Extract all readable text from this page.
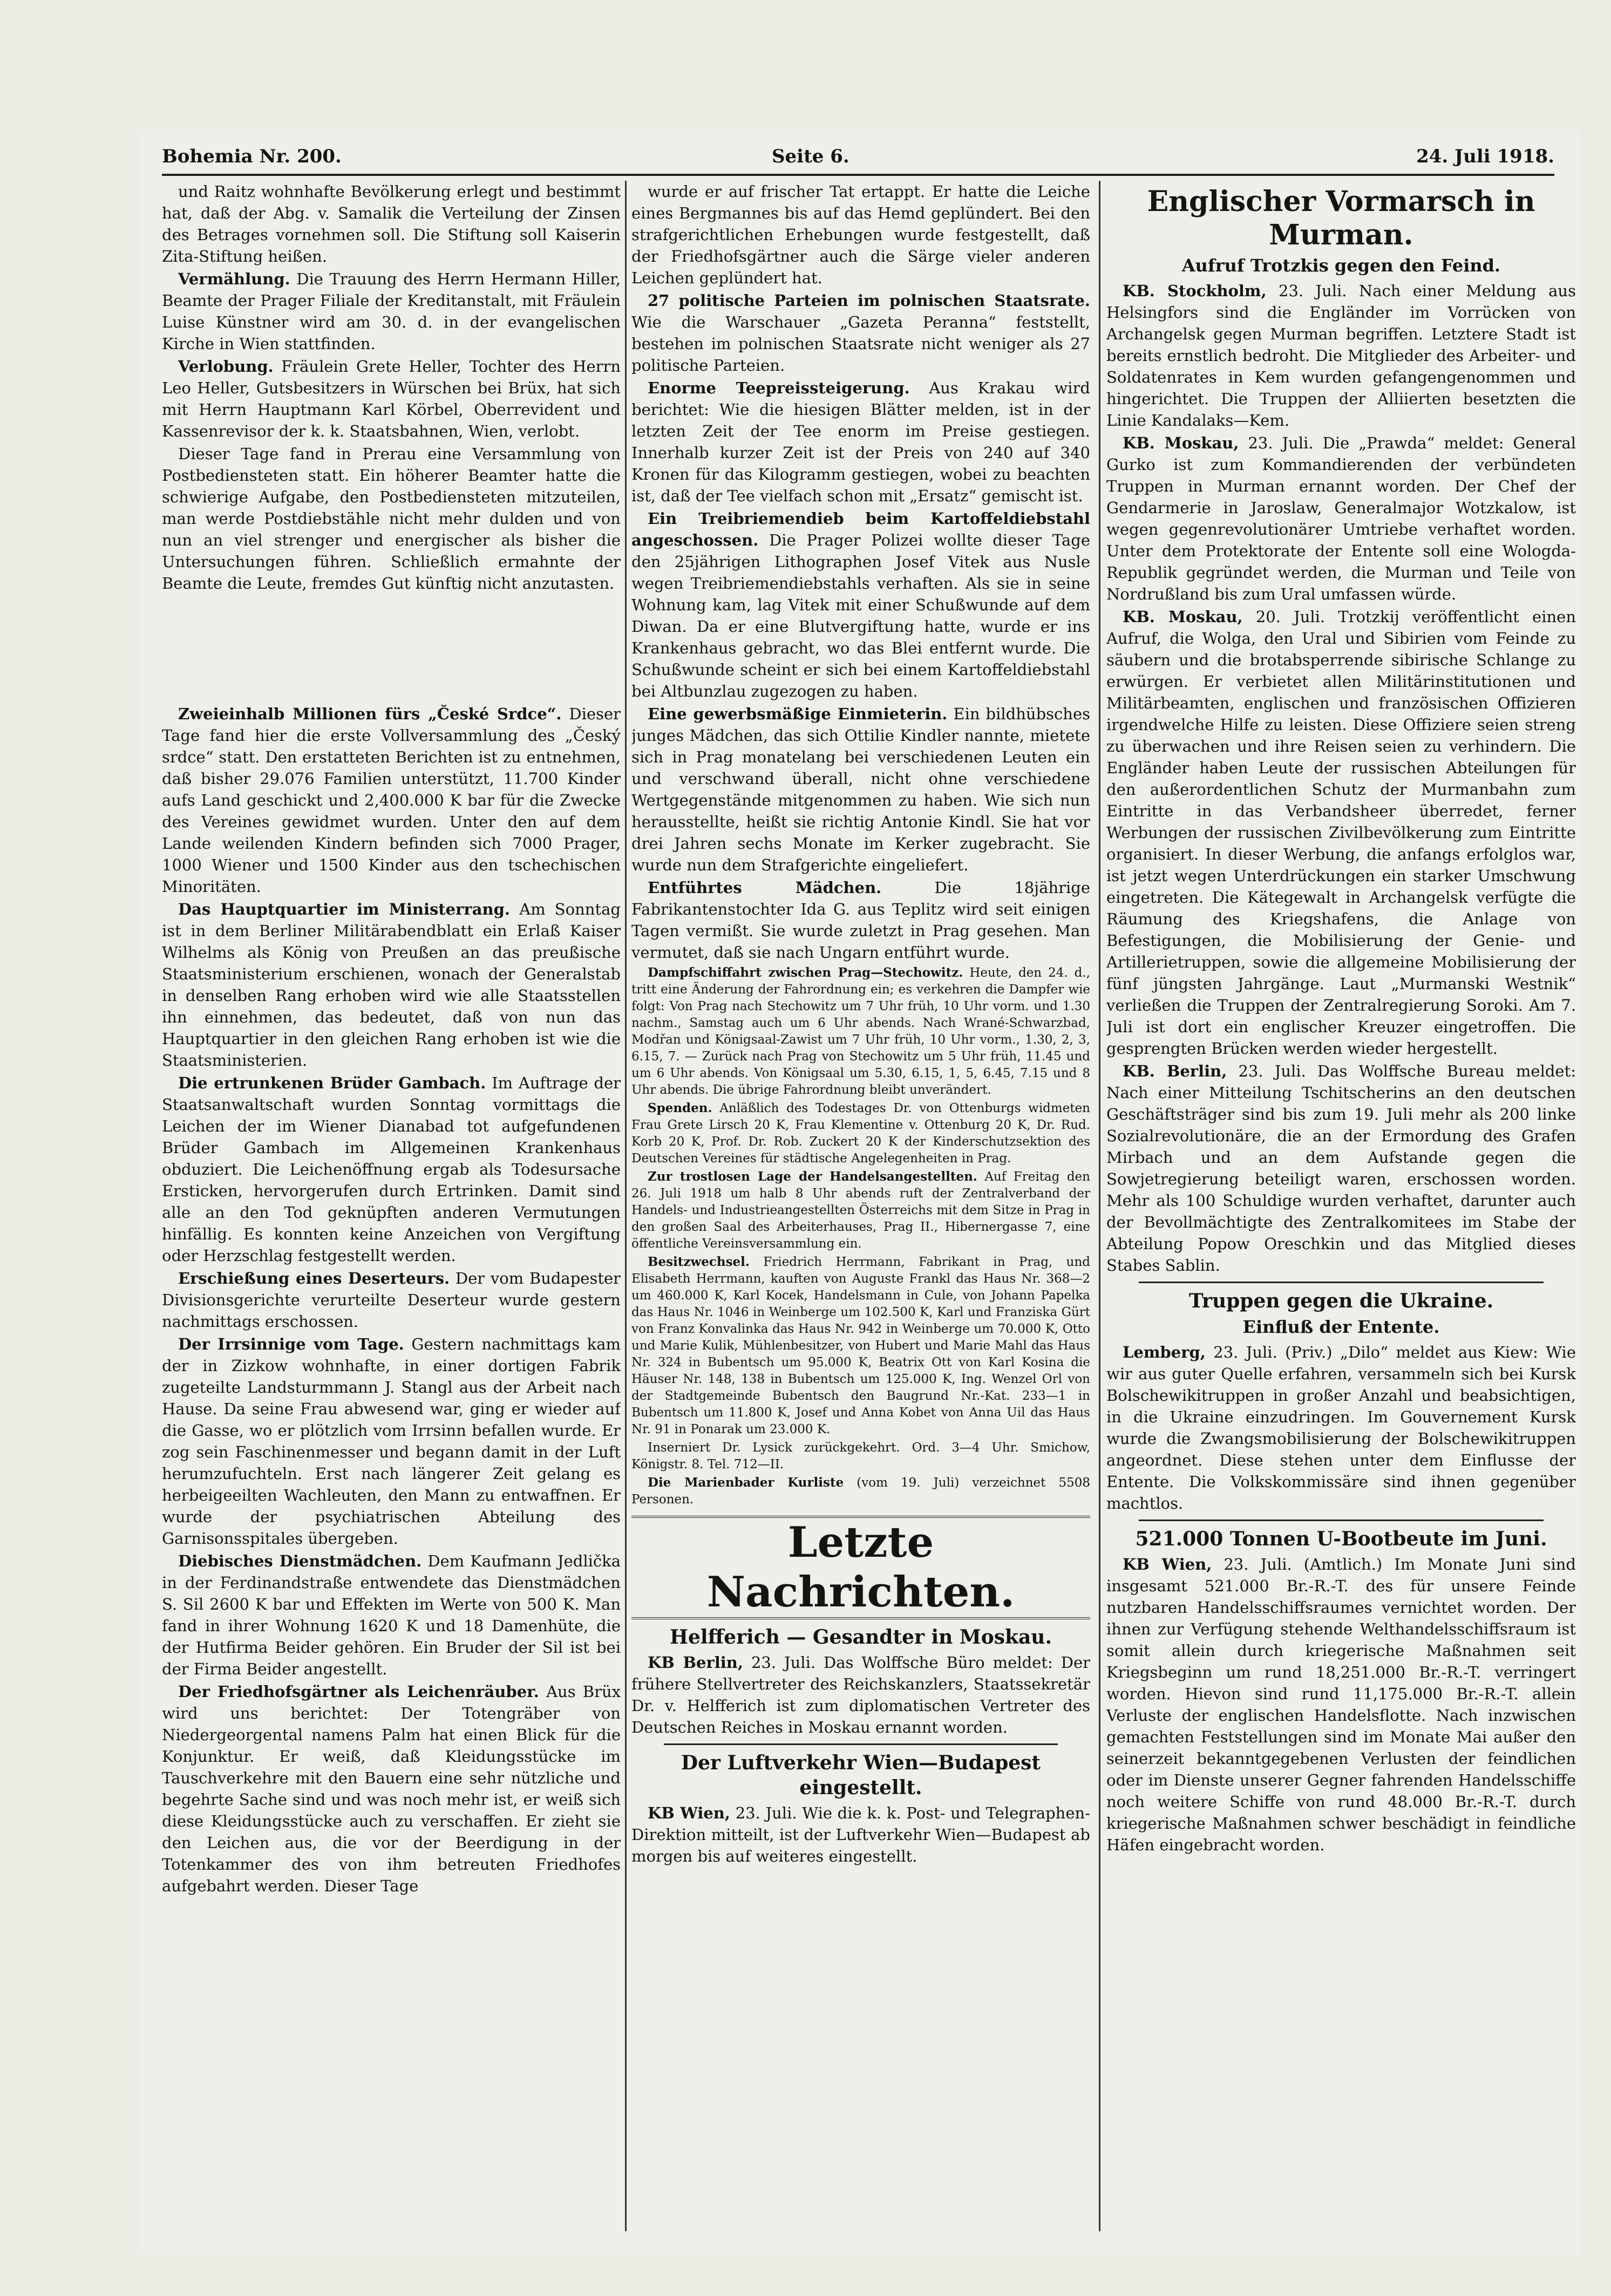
Bohemia Nr. 200.	Seite 6.	24. Juli 1918.

und Raitz wohnhafte Bevölkerung erlegt und bestimmt hat, daß der Abg. v. Samalik die Verteilung der Zinsen des Betrages vornehmen soll. Die Stiftung soll Kaiserin Zita-Stiftung heißen.

Vermählung. Die Trauung des Herrn Hermann Hiller, Beamte der Prager Filiale der Kreditanstalt, mit Fräulein Luise Künstner wird am 30. d. in der evangelischen Kirche in Wien stattfinden.

Verlobung. Fräulein Grete Heller, Tochter des Herrn Leo Heller, Gutsbesitzers in Würschen bei Brüx, hat sich mit Herrn Hauptmann Karl Körbel, Oberrevident und Kassenrevisor der k. k. Staatsbahnen, Wien, verlobt.

Dieser Tage fand in Prerau eine Versammlung von Postbediensteten statt. Ein höherer Beamter hatte die schwierige Aufgabe, den Postbediensteten mitzuteilen, man werde Postdiebstähle nicht mehr dulden und von nun an viel strenger und energischer als bisher die Untersuchungen führen. Schließlich ermahnte der Beamte die Leute, fremdes Gut künftig nicht anzutasten.

Zweieinhalb Millionen fürs „České Srdce“. Dieser Tage fand hier die erste Vollversammlung des „Český srdce“ statt. Den erstatteten Berichten ist zu entnehmen, daß bisher 29.076 Familien unterstützt, 11.700 Kinder aufs Land geschickt und 2,400.000 K bar für die Zwecke des Vereines gewidmet wurden. Unter den auf dem Lande weilenden Kindern befinden sich 7000 Prager, 1000 Wiener und 1500 Kinder aus den tschechischen Minoritäten.

Das Hauptquartier im Ministerrang. Am Sonntag ist in dem Berliner Militärabendblatt ein Erlaß Kaiser Wilhelms als König von Preußen an das preußische Staatsministerium erschienen, wonach der Generalstab in denselben Rang erhoben wird wie alle Staatsstellen ihn einnehmen, das bedeutet, daß von nun das Hauptquartier in den gleichen Rang erhoben ist wie die Staatsministerien.

Die ertrunkenen Brüder Gambach. Im Auftrage der Staatsanwaltschaft wurden Sonntag vormittags die Leichen der im Wiener Dianabad tot aufgefundenen Brüder Gambach im Allgemeinen Krankenhaus obduziert. Die Leichenöffnung ergab als Todesursache Ersticken, hervorgerufen durch Ertrinken. Damit sind alle an den Tod geknüpften anderen Vermutungen hinfällig. Es konnten keine Anzeichen von Vergiftung oder Herzschlag festgestellt werden.

Erschießung eines Deserteurs. Der vom Budapester Divisionsgerichte verurteilte Deserteur wurde gestern nachmittags erschossen.

Der Irrsinnige vom Tage. Gestern nachmittags kam der in Zizkow wohnhafte, in einer dortigen Fabrik zugeteilte Landsturmmann J. Stangl aus der Arbeit nach Hause. Da seine Frau abwesend war, ging er wieder auf die Gasse, wo er plötzlich vom Irrsinn befallen wurde. Er zog sein Faschinenmesser und begann damit in der Luft herumzufuchteln. Erst nach längerer Zeit gelang es herbeigeeilten Wachleuten, den Mann zu entwaffnen. Er wurde der psychiatrischen Abteilung des Garnisonsspitales übergeben.

Diebisches Dienstmädchen. Dem Kaufmann Jedlička in der Ferdinandstraße entwendete das Dienstmädchen S. Sil 2600 K bar und Effekten im Werte von 500 K. Man fand in ihrer Wohnung 1620 K und 18 Damenhüte, die der Hutfirma Beider gehören. Ein Bruder der Sil ist bei der Firma Beider angestellt.

Der Friedhofsgärtner als Leichenräuber. Aus Brüx wird uns berichtet: Der Totengräber von Niedergeorgental namens Palm hat einen Blick für die Konjunktur. Er weiß, daß Kleidungsstücke im Tauschverkehre mit den Bauern eine sehr nützliche und begehrte Sache sind und was noch mehr ist, er weiß sich diese Kleidungsstücke auch zu verschaffen. Er zieht sie den Leichen aus, die vor der Beerdigung in der Totenkammer des von ihm betreuten Friedhofes aufgebahrt werden. Dieser Tage

wurde er auf frischer Tat ertappt. Er hatte die Leiche eines Bergmannes bis auf das Hemd geplündert. Bei den strafgerichtlichen Erhebungen wurde festgestellt, daß der Friedhofsgärtner auch die Särge vieler anderen Leichen geplündert hat.

27 politische Parteien im polnischen Staatsrate. Wie die Warschauer „Gazeta Peranna“ feststellt, bestehen im polnischen Staatsrate nicht weniger als 27 politische Parteien.

Enorme Teepreissteigerung. Aus Krakau wird berichtet: Wie die hiesigen Blätter melden, ist in der letzten Zeit der Tee enorm im Preise gestiegen. Innerhalb kurzer Zeit ist der Preis von 240 auf 340 Kronen für das Kilogramm gestiegen, wobei zu beachten ist, daß der Tee vielfach schon mit „Ersatz“ gemischt ist.

Ein Treibriemendieb beim Kartoffeldiebstahl angeschossen. Die Prager Polizei wollte dieser Tage den 25jährigen Lithographen Josef Vitek aus Nusle wegen Treibriemendiebstahls verhaften. Als sie in seine Wohnung kam, lag Vitek mit einer Schußwunde auf dem Diwan. Da er eine Blutvergiftung hatte, wurde er ins Krankenhaus gebracht, wo das Blei entfernt wurde. Die Schußwunde scheint er sich bei einem Kartoffeldiebstahl bei Altbunzlau zugezogen zu haben.

Eine gewerbsmäßige Einmieterin. Ein bildhübsches junges Mädchen, das sich Ottilie Kindler nannte, mietete sich in Prag monatelang bei verschiedenen Leuten ein und verschwand überall, nicht ohne verschiedene Wertgegenstände mitgenommen zu haben. Wie sich nun herausstellte, heißt sie richtig Antonie Kindl. Sie hat vor drei Jahren sechs Monate im Kerker zugebracht. Sie wurde nun dem Strafgerichte eingeliefert.

Entführtes Mädchen.	Die 18jährige Fabrikantenstochter Ida G. aus Teplitz wird seit einigen Tagen vermißt. Sie wurde zuletzt in Prag gesehen. Man vermutet, daß sie nach Ungarn entführt wurde.

Dampfschiffahrt zwischen Prag—Stechowitz. Heute, den 24. d., tritt eine Änderung der Fahrordnung ein; es verkehren die Dampfer wie folgt: Von Prag nach Stechowitz um 7 Uhr früh, 10 Uhr vorm. und 1.30 nachm., Samstag auch um 6 Uhr abends. Nach Wrané-Schwarzbad, Modřan und Königsaal-Zawist um 7 Uhr früh, 10 Uhr vorm., 1.30, 2, 3, 6.15, 7. — Zurück nach Prag von Stechowitz um 5 Uhr früh, 11.45 und um 6 Uhr abends. Von Königsaal um 5.30, 6.15, 1, 5, 6.45, 7.15 und 8 Uhr abends. Die übrige Fahrordnung bleibt unverändert.

Spenden. Anläßlich des Todestages Dr. von Ottenburgs widmeten Frau Grete Lirsch 20 K, Frau Klementine v. Ottenburg 20 K, Dr. Rud. Korb 20 K, Prof. Dr. Rob. Zuckert 20 K der Kinderschutzsektion des Deutschen Vereines für städtische Angelegenheiten in Prag.

Zur trostlosen Lage der Handelsangestellten. Auf Freitag den 26. Juli 1918 um halb 8 Uhr abends ruft der Zentralverband der Handels- und Industrieangestellten Österreichs mit dem Sitze in Prag in den großen Saal des Arbeiterhauses, Prag II., Hibernergasse 7, eine öffentliche Vereinsversammlung ein.

Besitzwechsel. Friedrich Herrmann, Fabrikant in Prag, und Elisabeth Herrmann, kauften von Auguste Frankl das Haus Nr. 368—2 um 460.000 K, Karl Kocek, Handelsmann in Cule, von Johann Papelka das Haus Nr. 1046 in Weinberge um 102.500 K, Karl und Franziska Gürt von Franz Konvalinka das Haus Nr. 942 in Weinberge um 70.000 K, Otto und Marie Kulik, Mühlenbesitzer, von Hubert und Marie Mahl das Haus Nr. 324 in Bubentsch um 95.000 K, Beatrix Ott von Karl Kosina die Häuser Nr. 148, 138 in Bubentsch um 125.000 K, Ing. Wenzel Orl von der Stadtgemeinde Bubentsch den Baugrund Nr.-Kat. 233—1 in Bubentsch um 11.800 K, Josef und Anna Kobet von Anna Uil das Haus Nr. 91 in Ponarak um 23.000 K.

Inserniert Dr. Lysick zurückgekehrt. Ord. 3—4 Uhr. Smichow, Königstr. 8. Tel. 712—II.

Die Marienbader Kurliste (vom 19. Juli) verzeichnet 5508 Personen.

Letzte Nachrichten.
Helfferich — Gesandter in Moskau.

KB Berlin, 23. Juli. Das Wolffsche Büro meldet: Der frühere Stellvertreter des Reichskanzlers, Staatssekretär Dr. v. Helfferich ist zum diplomatischen Vertreter des Deutschen Reiches in Moskau ernannt worden.

Der Luftverkehr Wien—Budapest eingestellt.

KB Wien, 23. Juli. Wie die k. k. Post- und Telegraphen-Direktion mitteilt, ist der Luftverkehr Wien—Budapest ab morgen bis auf weiteres eingestellt.

Englischer Vormarsch in Murman.
Aufruf Trotzkis gegen den Feind.

KB. Stockholm, 23. Juli. Nach einer Meldung aus Helsingfors sind die Engländer im Vorrücken von Archangelsk gegen Murman begriffen. Letztere Stadt ist bereits ernstlich bedroht. Die Mitglieder des Arbeiter- und Soldatenrates in Kem wurden gefangengenommen und hingerichtet. Die Truppen der Alliierten besetzten die Linie Kandalaks—Kem.

KB. Moskau, 23. Juli. Die „Prawda“ meldet: General Gurko ist zum Kommandierenden der verbündeten Truppen in Murman ernannt worden. Der Chef der Gendarmerie in Jaroslaw, Generalmajor Wotzkalow, ist wegen gegenrevolutionärer Umtriebe verhaftet worden. Unter dem Protektorate der Entente soll eine Wologda-Republik gegründet werden, die Murman und Teile von Nordrußland bis zum Ural umfassen würde.

KB. Moskau, 20. Juli. Trotzkij veröffentlicht einen Aufruf, die Wolga, den Ural und Sibirien vom Feinde zu säubern und die brotabsperrende sibirische Schlange zu erwürgen. Er verbietet allen Militärinstitutionen und Militärbeamten, englischen und französischen Offizieren irgendwelche Hilfe zu leisten. Diese Offiziere seien streng zu überwachen und ihre Reisen seien zu verhindern. Die Engländer haben Leute der russischen Abteilungen für den außerordentlichen Schutz der Murmanbahn zum Eintritte in das Verbandsheer überredet, ferner Werbungen der russischen Zivilbevölkerung zum Eintritte organisiert. In dieser Werbung, die anfangs erfolglos war, ist jetzt wegen Unterdrückungen ein starker Umschwung eingetreten. Die Kätegewalt in Archangelsk verfügte die Räumung des Kriegshafens, die Anlage von Befestigungen, die Mobilisierung der Genie- und Artillerietruppen, sowie die allgemeine Mobilisierung der fünf jüngsten Jahrgänge. Laut „Murmanski Westnik“ verließen die Truppen der Zentralregierung Soroki. Am 7. Juli ist dort ein englischer Kreuzer eingetroffen. Die gesprengten Brücken werden wieder hergestellt.

KB. Berlin, 23. Juli. Das Wolffsche Bureau meldet: Nach einer Mitteilung Tschitscherins an den deutschen Geschäftsträger sind bis zum 19. Juli mehr als 200 linke Sozialrevolutionäre, die an der Ermordung des Grafen Mirbach und an dem Aufstande gegen die Sowjetregierung beteiligt waren, erschossen worden. Mehr als 100 Schuldige wurden verhaftet, darunter auch der Bevollmächtigte des Zentralkomitees im Stabe der Abteilung Popow Oreschkin und das Mitglied dieses Stabes Sablin.

Truppen gegen die Ukraine.
Einfluß der Entente.

Lemberg, 23. Juli. (Priv.) „Dilo“ meldet aus Kiew: Wie wir aus guter Quelle erfahren, versammeln sich bei Kursk Bolschewikitruppen in großer Anzahl und beabsichtigen, in die Ukraine einzudringen. Im Gouvernement Kursk wurde die Zwangsmobilisierung der Bolschewikitruppen angeordnet. Diese stehen unter dem Einflusse der Entente. Die Volkskommissäre sind ihnen gegenüber machtlos.

521.000 Tonnen U-Bootbeute im Juni.

KB Wien, 23. Juli. (Amtlich.) Im Monate Juni sind insgesamt 521.000 Br.-R.-T. des für unsere Feinde nutzbaren Handelsschiffsraumes vernichtet worden. Der ihnen zur Verfügung stehende Welthandelsschiffsraum ist somit allein durch kriegerische Maßnahmen seit Kriegsbeginn um rund 18,251.000 Br.-R.-T. verringert worden. Hievon sind rund 11,175.000 Br.-R.-T. allein Verluste der englischen Handelsflotte. Nach inzwischen gemachten Feststellungen sind im Monate Mai außer den seinerzeit bekanntgegebenen Verlusten der feindlichen oder im Dienste unserer Gegner fahrenden Handelsschiffe noch weitere Schiffe von rund 48.000 Br.-R.-T. durch kriegerische Maßnahmen schwer beschädigt in feindliche Häfen eingebracht worden.
